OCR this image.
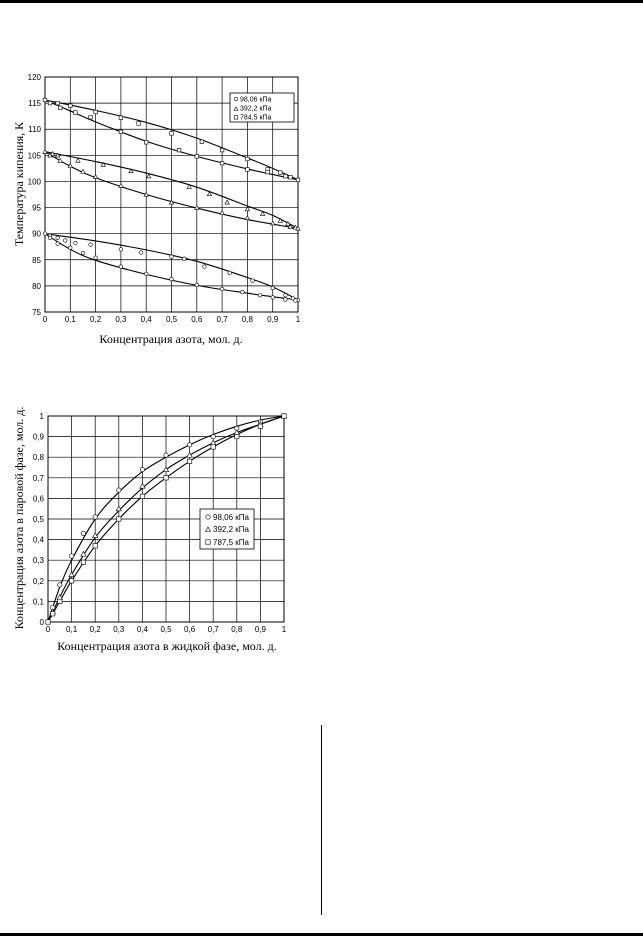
0 0,1 0,2 0,3 0,4 0,5 0,6 0,7 0,8 0,9 1
75
80
85
90
95
100
105
110
115
120
Концентрация азота, мол. д.
Температура кипения, К
98,06 кПа
392,2 кПа
784,5 кПа
0 0,1 0,2 0,3 0,4 0,5 0,6 0,7 0,8 0,9 1
0
0,1
0,2
0,3
0,4
0,5
0,6
0,7
0,8
0,9
1
Концентрация азота в жидкой фазе, мол. д.
Концентрация азота в паровой фазе, мол. д.	98,06 кПа
392,2 кПа
787,5 кПа
